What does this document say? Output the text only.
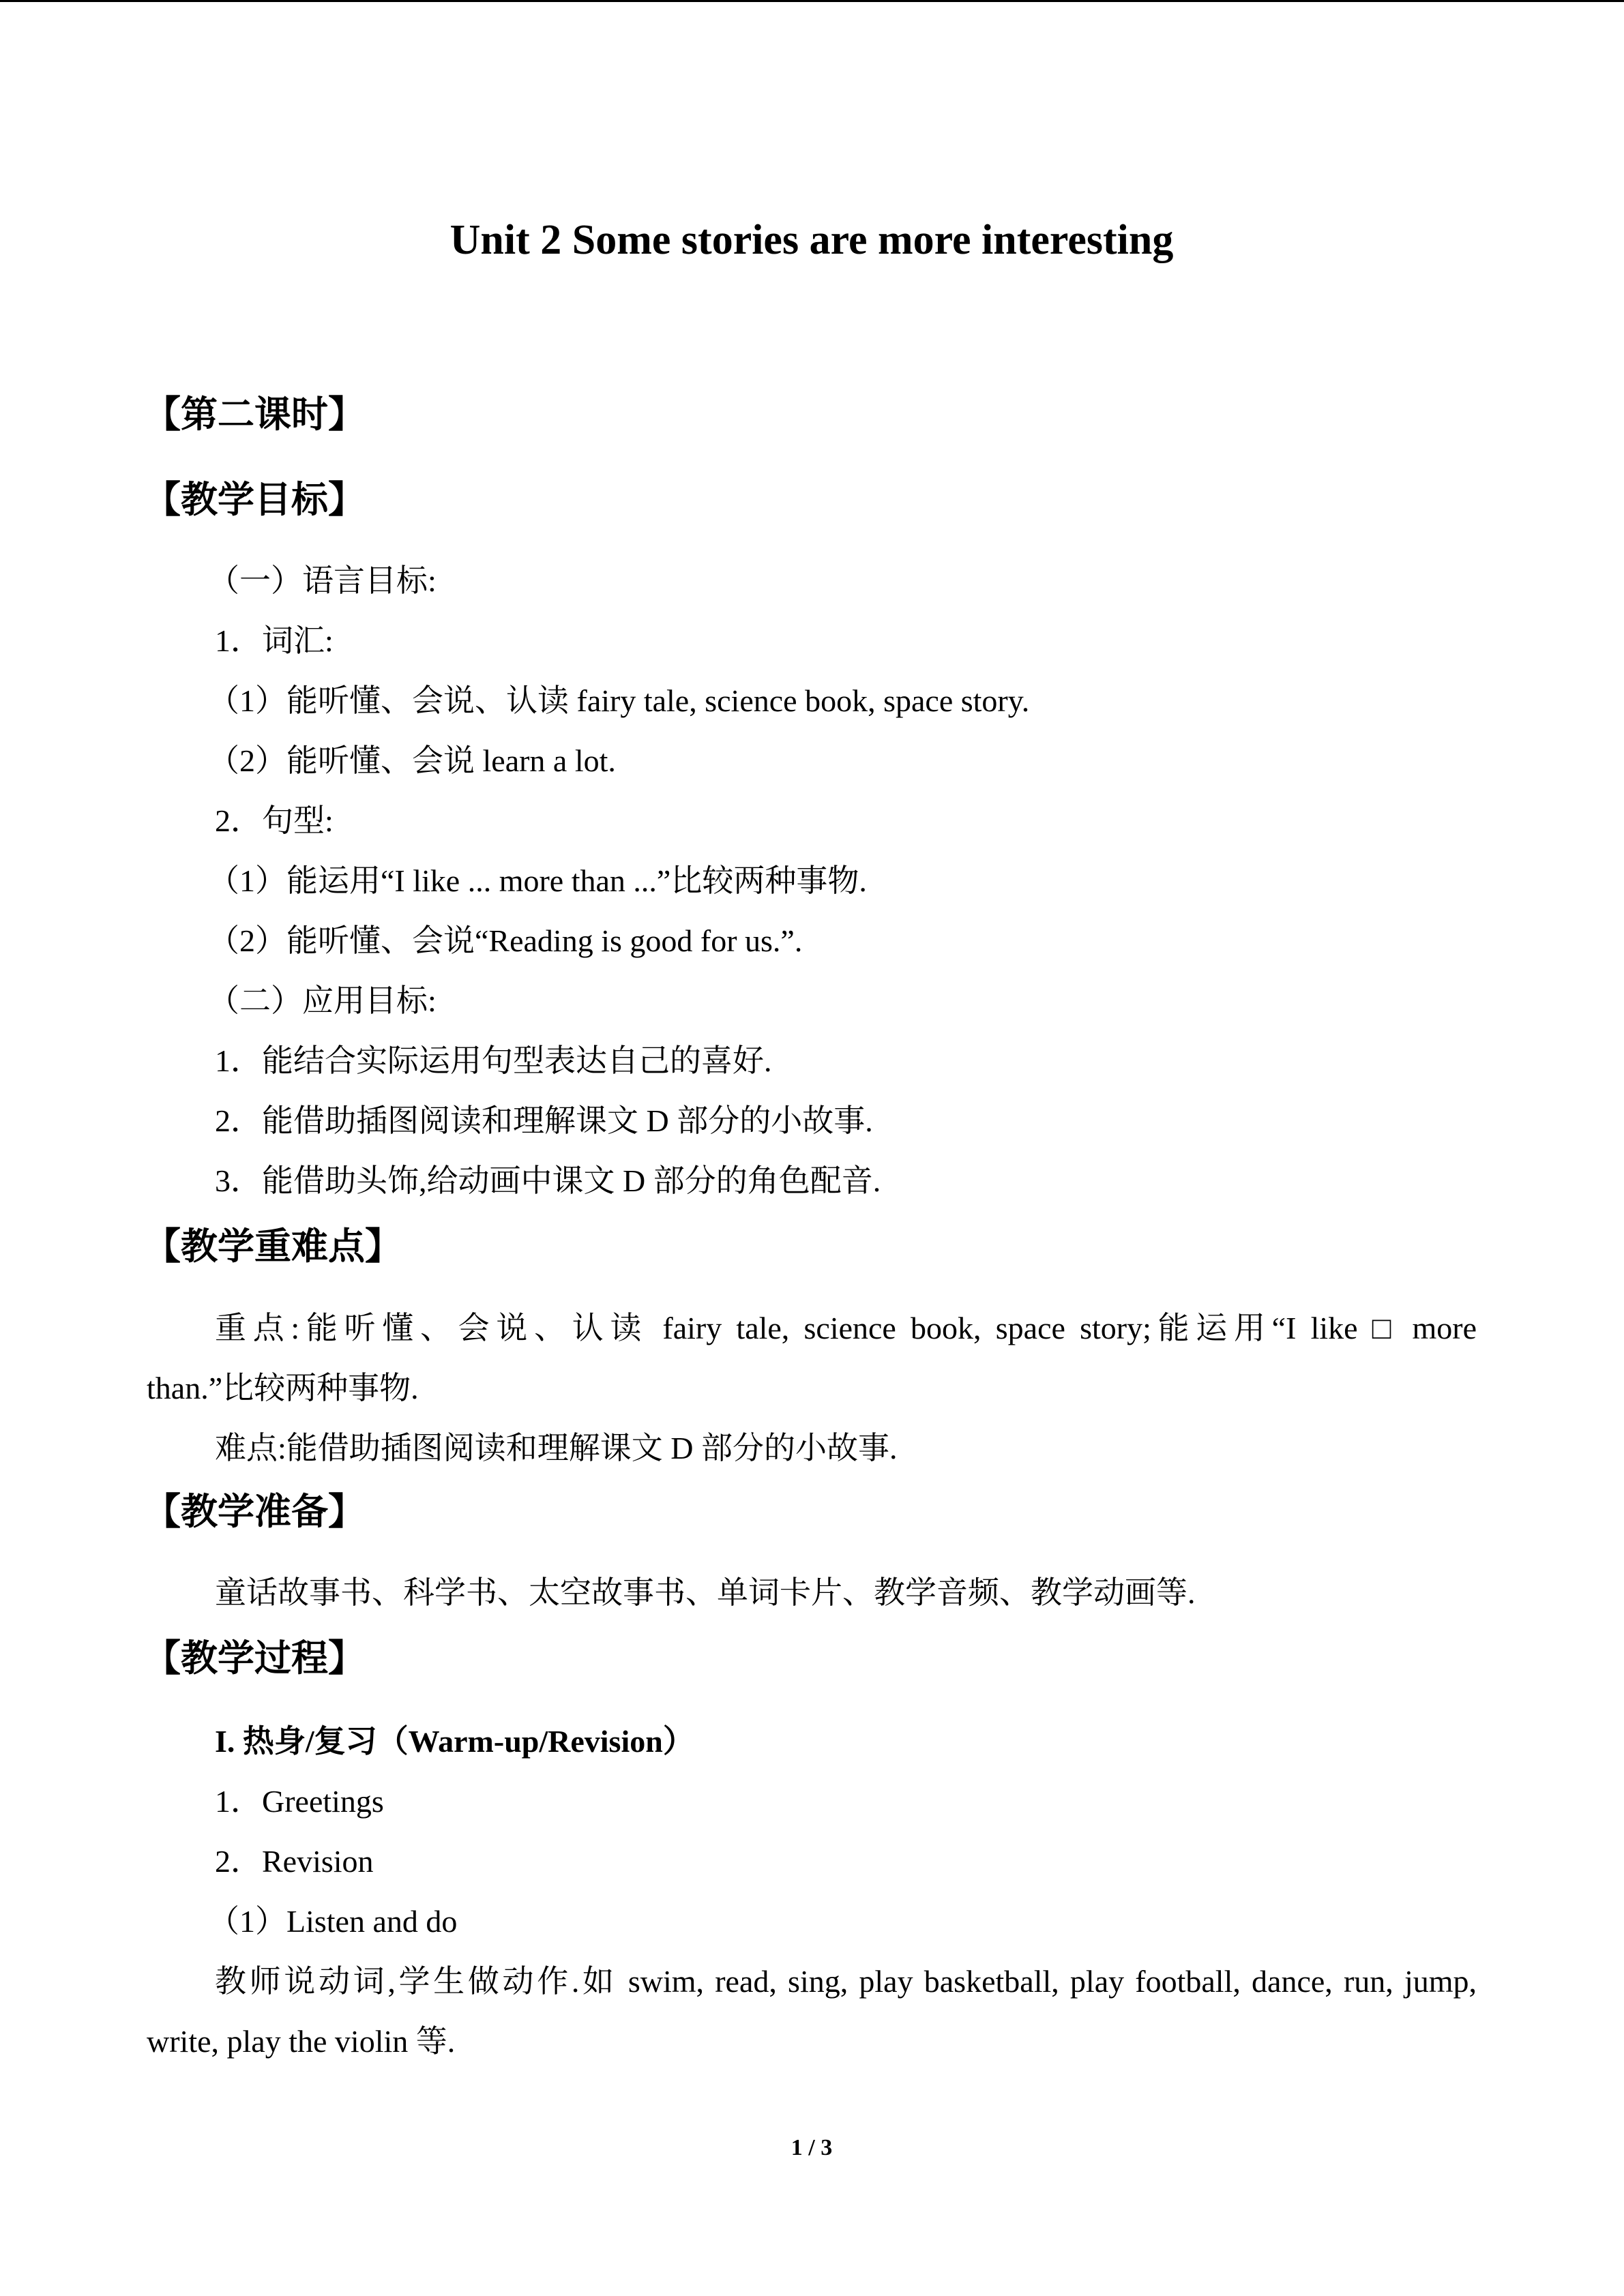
Unit 2 Some stories are more interesting
【第二课时】
【教学目标】
（一）语言目标:
1．词汇:
（1）能听懂、会说、认读 fairy tale, science book, space story.
（2）能听懂、会说 learn a lot.
2．句型:
（1）能运用“I like ... more than ...”比较两种事物.
（2）能听懂、会说“Reading is good for us.”.
（二）应用目标:
1．能结合实际运用句型表达自己的喜好.
2．能借助插图阅读和理解课文 D 部分的小故事.
3．能借助头饰,给动画中课文 D 部分的角色配音.
【教学重难点】
重点:能听懂、会说、认读 fairy tale, science book, space story;能运用“I like □ more
than.”比较两种事物.
难点:能借助插图阅读和理解课文 D 部分的小故事.
【教学准备】
童话故事书、科学书、太空故事书、单词卡片、教学音频、教学动画等.
【教学过程】
I. 热身/复习（Warm-up/Revision）
1．Greetings
2．Revision
（1）Listen and do
教师说动词,学生做动作.如 swim, read, sing, play basketball, play football, dance, run, jump,
write, play the violin 等.
1 / 3
